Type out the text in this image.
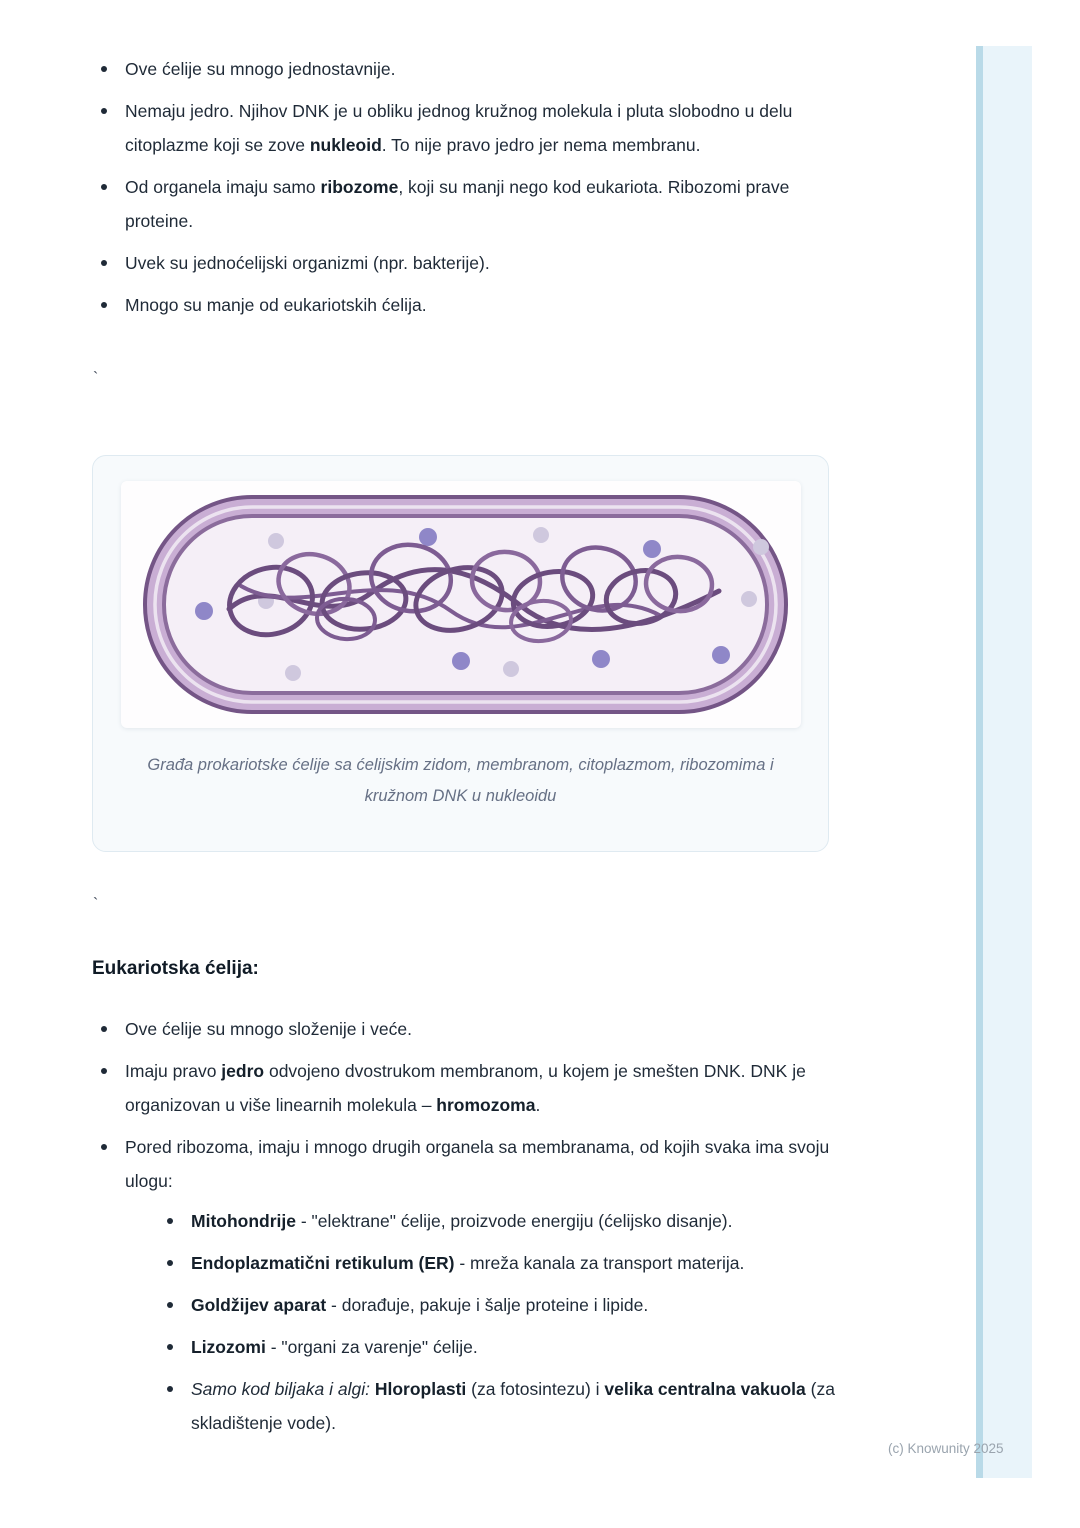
Ove ćelije su mnogo jednostavnije.
Nemaju jedro. Njihov DNK je u obliku jednog kružnog molekula i pluta slobodno u delu citoplazme koji se zove nukleoid. To nije pravo jedro jer nema membranu.
Od organela imaju samo ribozome, koji su manji nego kod eukariota. Ribozomi prave proteine.
Uvek su jednoćelijski organizmi (npr. bakterije).
Mnogo su manje od eukariotskih ćelija.
`
Građa prokariotske ćelije sa ćelijskim zidom, membranom, citoplazmom, ribozomima i kružnom DNK u nukleoidu
`
Eukariotska ćelija:
Ove ćelije su mnogo složenije i veće.
Imaju pravo jedro odvojeno dvostrukom membranom, u kojem je smešten DNK. DNK je organizovan u više linearnih molekula – hromozoma.
Pored ribozoma, imaju i mnogo drugih organela sa membranama, od kojih svaka ima svoju ulogu:
Mitohondrije - "elektrane" ćelije, proizvode energiju (ćelijsko disanje).
Endoplazmatični retikulum (ER) - mreža kanala za transport materija.
Goldžijev aparat - dorađuje, pakuje i šalje proteine i lipide.
Lizozomi - "organi za varenje" ćelije.
Samo kod biljaka i algi: Hloroplasti (za fotosintezu) i velika centralna vakuola (za skladištenje vode).
(c) Knowunity 2025
